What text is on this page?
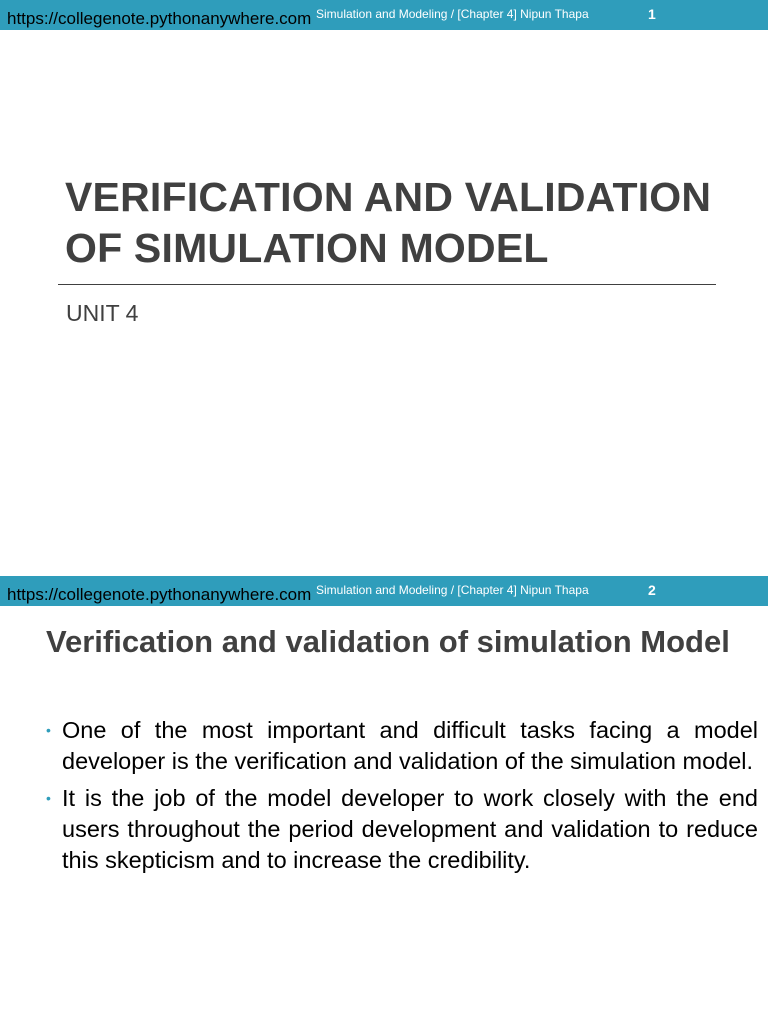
Simulation and Modeling / [Chapter 4] Nipun Thapa	1
https://collegenote.pythonanywhere.com
VERIFICATION AND VALIDATION
OF SIMULATION MODEL
UNIT 4
Simulation and Modeling / [Chapter 4] Nipun Thapa	2
https://collegenote.pythonanywhere.com
Verification and validation of simulation Model
• One of the most important and difficult tasks facing a model developer is the verification and validation of the simulation model.
• It is the job of the model developer to work closely with the end users throughout the period development and validation to reduce this skepticism and to increase the credibility.
